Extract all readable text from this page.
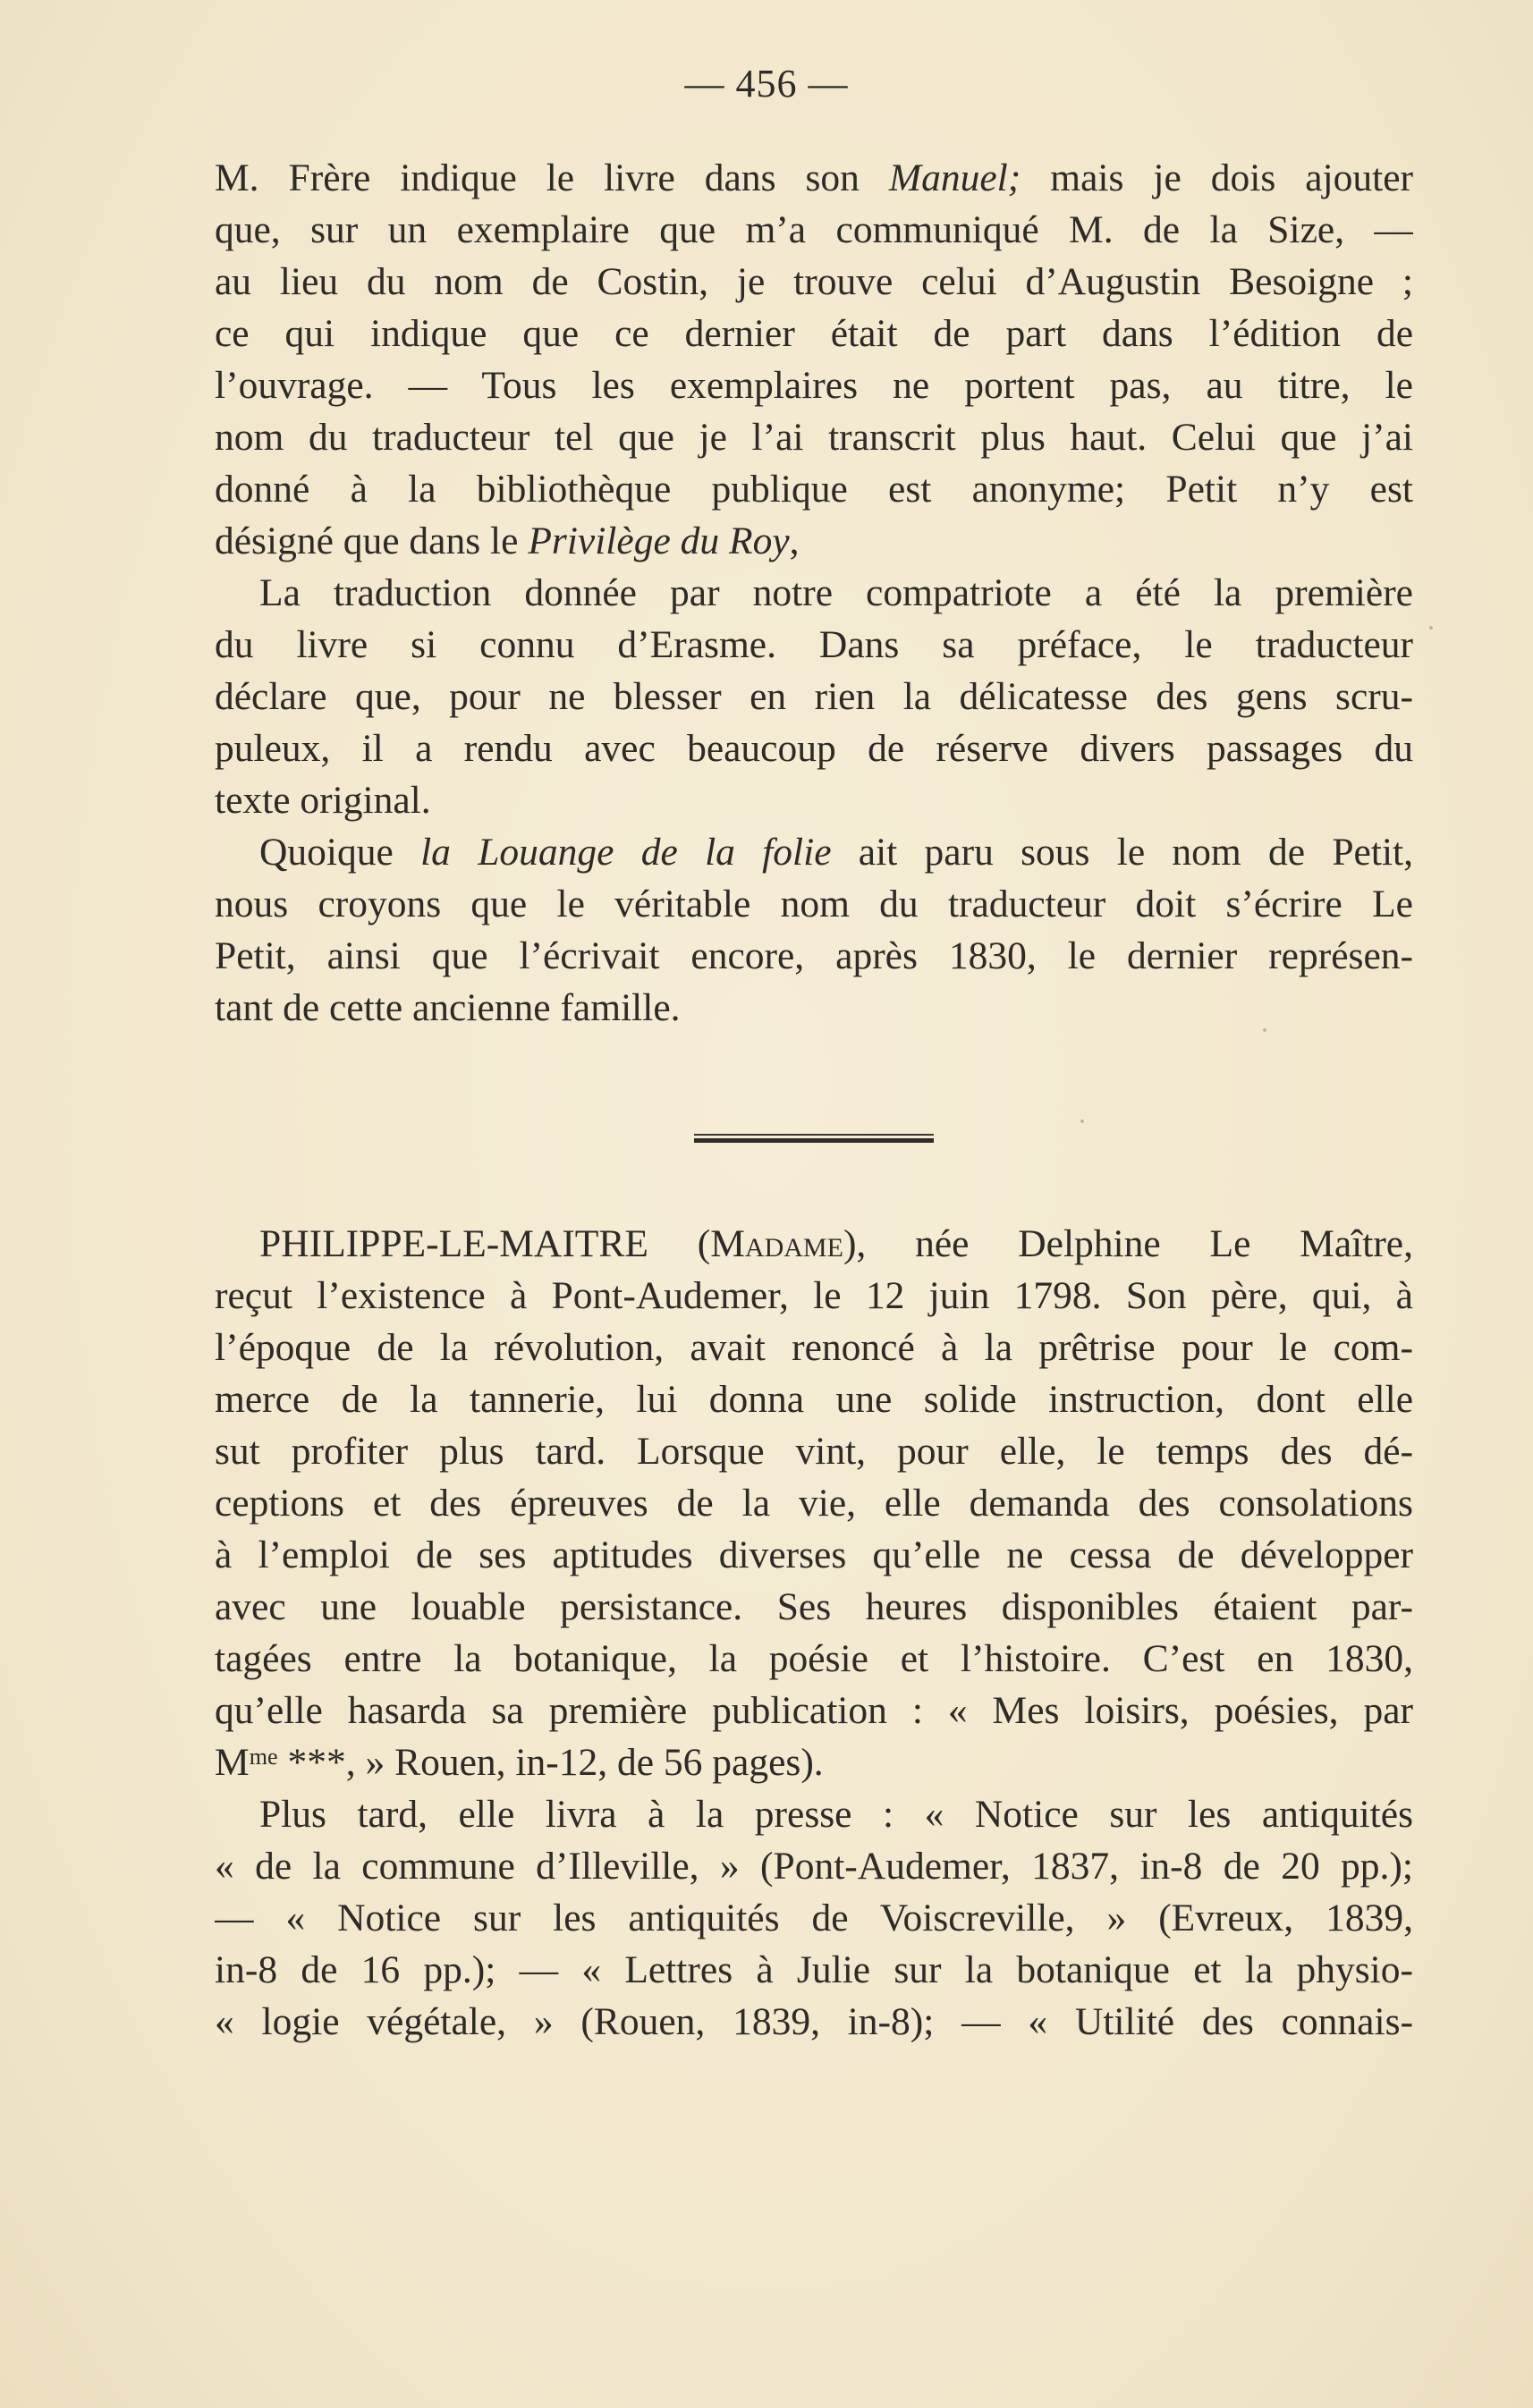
— 456 —
M. Frère indique le livre dans son Manuel; mais je dois ajouter
que, sur un exemplaire que m’a communiqué M. de la Size, —
au lieu du nom de Costin, je trouve celui d’Augustin Besoigne ;
ce qui indique que ce dernier était de part dans l’édition de
l’ouvrage. — Tous les exemplaires ne portent pas, au titre, le
nom du traducteur tel que je l’ai transcrit plus haut. Celui que j’ai
donné à la bibliothèque publique est anonyme; Petit n’y est
désigné que dans le Privilège du Roy,
La traduction donnée par notre compatriote a été la première
du livre si connu d’Erasme. Dans sa préface, le traducteur
déclare que, pour ne blesser en rien la délicatesse des gens scru-
puleux, il a rendu avec beaucoup de réserve divers passages du
texte original.
Quoique la Louange de la folie ait paru sous le nom de Petit,
nous croyons que le véritable nom du traducteur doit s’écrire Le
Petit, ainsi que l’écrivait encore, après 1830, le dernier représen-
tant de cette ancienne famille.
PHILIPPE-LE-MAITRE (Madame), née Delphine Le Maître,
reçut l’existence à Pont-Audemer, le 12 juin 1798. Son père, qui, à
l’époque de la révolution, avait renoncé à la prêtrise pour le com-
merce de la tannerie, lui donna une solide instruction, dont elle
sut profiter plus tard. Lorsque vint, pour elle, le temps des dé-
ceptions et des épreuves de la vie, elle demanda des consolations
à l’emploi de ses aptitudes diverses qu’elle ne cessa de développer
avec une louable persistance. Ses heures disponibles étaient par-
tagées entre la botanique, la poésie et l’histoire. C’est en 1830,
qu’elle hasarda sa première publication : « Mes loisirs, poésies, par
$M^{me}$ ***, » Rouen, in-12, de 56 pages).
Plus tard, elle livra à la presse : « Notice sur les antiquités
« de la commune d’Illeville, » (Pont-Audemer, 1837, in-8 de 20 pp.);
— « Notice sur les antiquités de Voiscreville, » (Evreux, 1839,
in-8 de 16 pp.); — « Lettres à Julie sur la botanique et la physio-
« logie végétale, » (Rouen, 1839, in-8); — « Utilité des connais-
